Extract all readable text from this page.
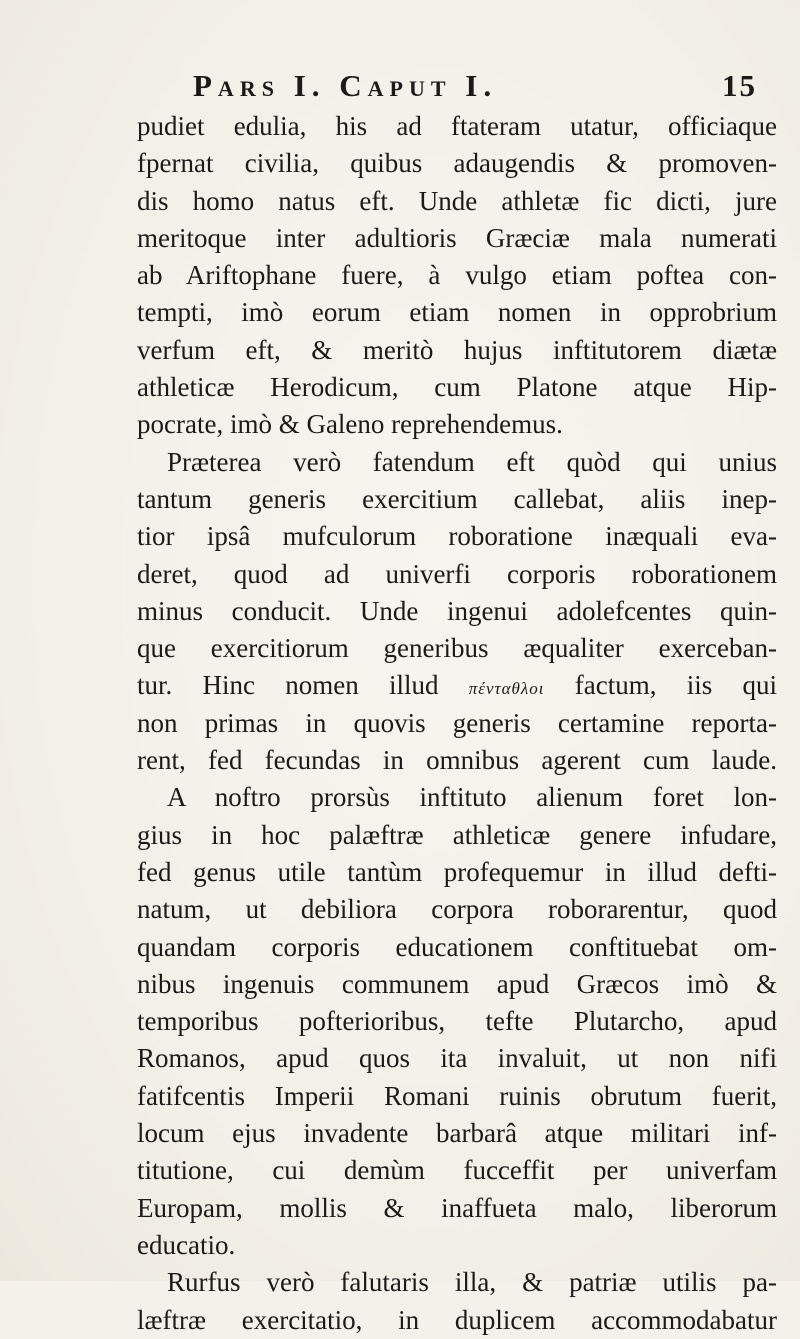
Pars I. Caput I.	15
pudiet edulia, his ad ftateram utatur, officiaque
fpernat civilia, quibus adaugendis & promoven-
dis homo natus eft. Unde athletæ fic dicti, jure
meritoque inter adultioris Græciæ mala numerati
ab Ariftophane fuere, à vulgo etiam poftea con-
tempti, imò eorum etiam nomen in opprobrium
verfum eft, & meritò hujus inftitutorem diætæ
athleticæ Herodicum, cum Platone atque Hip-
pocrate, imò & Galeno reprehendemus.
Præterea verò fatendum eft quòd qui unius
tantum generis exercitium callebat, aliis inep-
tior ipsâ mufculorum roboratione inæquali eva-
deret, quod ad univerfi corporis roborationem
minus conducit. Unde ingenui adolefcentes quin-
que exercitiorum generibus æqualiter exerceban-
tur. Hinc nomen illud πένταθλοι factum, iis qui
non primas in quovis generis certamine reporta-
rent, fed fecundas in omnibus agerent cum laude.
A noftro prorsùs inftituto alienum foret lon-
gius in hoc palæftræ athleticæ genere infudare,
fed genus utile tantùm profequemur in illud defti-
natum, ut debiliora corpora roborarentur, quod
quandam corporis educationem conftituebat om-
nibus ingenuis communem apud Græcos imò &
temporibus pofterioribus, tefte Plutarcho, apud
Romanos, apud quos ita invaluit, ut non nifi
fatifcentis Imperii Romani ruinis obrutum fuerit,
locum ejus invadente barbarâ atque militari inf-
titutione, cui demùm fucceffit per univerfam
Europam, mollis & inaffueta malo, liberorum
educatio.
Rurfus verò falutaris illa, & patriæ utilis pa-
læftræ exercitatio, in duplicem accommodabatur
